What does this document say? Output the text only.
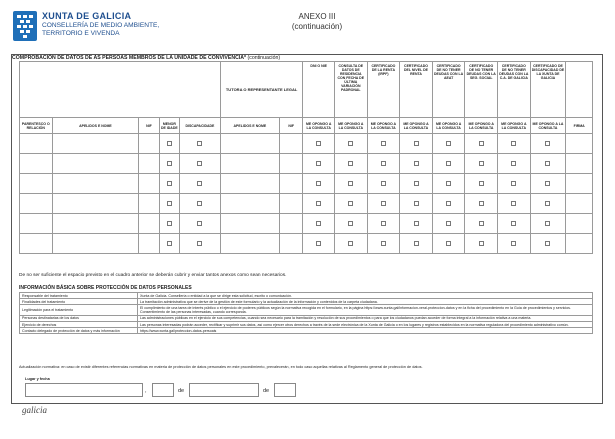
XUNTA DE GALICIA
CONSELLERÍA DE MEDIO AMBIENTE,
TERRITORIO E VIVENDA
ANEXO III
(continuación)
COMPROBACIÓN DE DATOS DE AS PERSOAS MEMBROS DE LA UNIDADE DE CONVIVENCIA* (continuación)
					TUTORA O REPRESENTANTE LEGAL		DNI O NIE	CONSULTA DE DATOS DE RESIDENCIA CON FECHA DE ÚLTIMA VARIACIÓN PADRONAL	CERTIFICADO DE LA RENTA (IRPF)	CERTIFICADO DEL NIVEL DE RENTA	CERTIFICADO DE NO TENER DEUDAS CON LA AEAT	CERTIFICADO DE NO TENER DEUDAS CON LA SEG. SOCIAL	CERTIFICADO DE NO TENER DEUDAS CON LA C.A. DE GALICIA	CERTIFICADO DE DISCAPACIDAD DE LA XUNTA DE GALICIA	
PARENTESCO O RELACIÓN	APELIDOS E NOME	NIF	MENOR DE IDADE	DISCAPACIDADE	APELIDOS E NOME	NIF	ME OPONGO A LA CONSULTA	ME OPONGO A LA CONSULTA	ME OPONGO A LA CONSULTA	ME OPONGO A LA CONSULTA	ME OPONGO A LA CONSULTA	ME OPONGO A LA CONSULTA	ME OPONGO A LA CONSULTA	ME OPONGO A LA CONSULTA	FIRMA

De no ser suficiente el espacio previsto en el cuadro anterior se deberán cubrir y enviar tantos anexos como sean necesarios.
INFORMACIÓN BÁSICA SOBRE PROTECCIÓN DE DATOS PERSONALES
Responsable del tratamiento	Xunta de Galicia. Consellería o entidad a la que se dirige esta solicitud, escrito o comunicación.
Finalidades del tratamiento	La tramitación administrativa que se derive de la gestión de este formulario y la actualización de la información y contenidos de la carpeta ciudadana.
Legitimación para el tratamiento	El cumplimiento de una tarea de interés público o el ejercicio de poderes públicos según la normativa recogida en el formulario, en la página https://www.xunta.gal/informacion-xeral-proteccion-datos y en la ficha del procedimiento en la Guía de procedimientos y servicios. Consentimiento de las personas interesadas, cuando corresponda.
Personas destinatarias de los datos	Las administraciones públicas en el ejercicio de sus competencias, cuando sea necesario para la tramitación y resolución de sus procedimientos o para que los ciudadanos puedan acceder de forma integral a la información relativa a una materia.
Ejercicio de derechos	Las personas interesadas podrán acceder, rectificar y suprimir sus datos, así como ejercer otros derechos a través de la sede electrónica de la Xunta de Galicia o en los lugares y registros establecidos en la normativa reguladora del procedimiento administrativo común.
Contacto delegado de protección de datos y más información	https://www.xunta.gal/proteccion-datos-persoais
Actualización normativa: en caso de existir diferentes referencias normativas en materia de protección de datos personales en este procedimiento, prevalecerán, en todo caso aquellas relativas al Reglamento general de protección de datos.
Lugar y fecha
,	de	de
galicia
